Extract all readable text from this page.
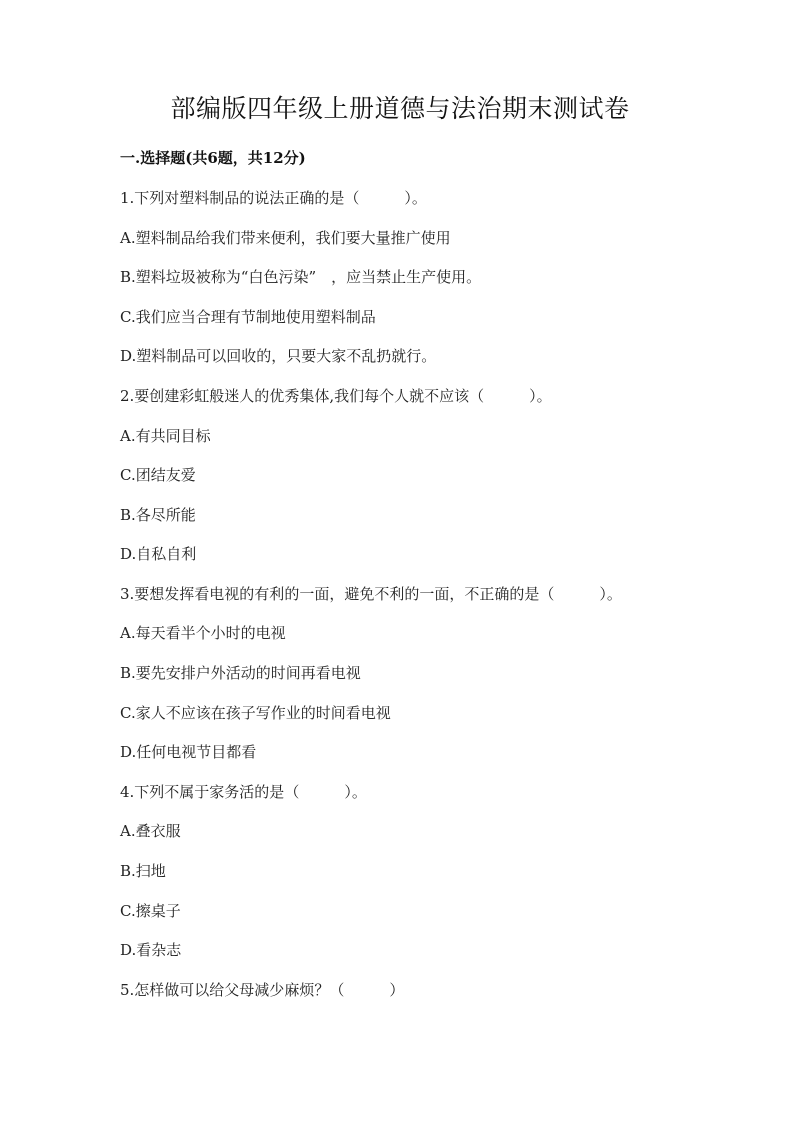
部编版四年级上册道德与法治期末测试卷
一.选择题(共6题，共12分)
1.下列对塑料制品的说法正确的是（　　　）。
A.塑料制品给我们带来便利，我们要大量推广使用
B.塑料垃圾被称为“白色污染”　，应当禁止生产使用。
C.我们应当合理有节制地使用塑料制品
D.塑料制品可以回收的，只要大家不乱扔就行。
2.要创建彩虹般迷人的优秀集体,我们每个人就不应该（　　　）。
A.有共同目标
C.团结友爱
B.各尽所能
D.自私自利
3.要想发挥看电视的有利的一面，避免不利的一面，不正确的是（　　　）。
A.每天看半个小时的电视
B.要先安排户外活动的时间再看电视
C.家人不应该在孩子写作业的时间看电视
D.任何电视节目都看
4.下列不属于家务活的是（　　　）。
A.叠衣服
B.扫地
C.擦桌子
D.看杂志
5.怎样做可以给父母减少麻烦？（　　　）
